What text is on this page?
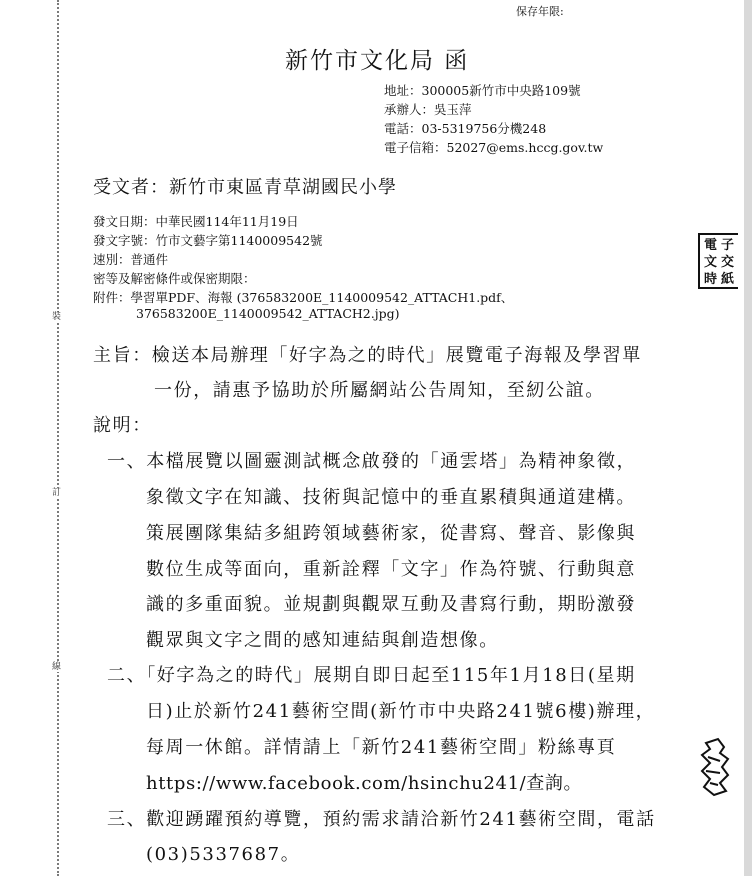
裝
訂
線
保存年限:
新竹市文化局 函
地址：300005新竹市中央路109號
承辦人：吳玉萍
電話：03-5319756分機248
電子信箱：52027@ems.hccg.gov.tw
受文者：新竹市東區青草湖國民小學
發文日期：中華民國114年11月19日
發文字號：竹市文藝字第1140009542號
速別：普通件
密等及解密條件或保密期限：
附件：學習單PDF、海報 (376583200E_1140009542_ATTACH1.pdf、
376583200E_1140009542_ATTACH2.jpg)
主旨：檢送本局辦理「好字為之的時代」展覽電子海報及學習單
一份，請惠予協助於所屬網站公告周知，至紉公誼。
說明：
一、本檔展覽以圖靈測試概念啟發的「通雲塔」為精神象徵，
象徵文字在知識、技術與記憶中的垂直累積與通道建構。
策展團隊集結多組跨領域藝術家，從書寫、聲音、影像與
數位生成等面向，重新詮釋「文字」作為符號、行動與意
識的多重面貌。並規劃與觀眾互動及書寫行動，期盼激發
觀眾與文字之間的感知連結與創造想像。
二、「好字為之的時代」展期自即日起至115年1月18日(星期
日)止於新竹241藝術空間(新竹市中央路241號6樓)辦理，
每周一休館。詳情請上「新竹241藝術空間」粉絲專頁
https://www.facebook.com/hsinchu241/查詢。
三、歡迎踴躍預約導覽，預約需求請洽新竹241藝術空間，電話
(03)5337687。
電文時
子交紙
